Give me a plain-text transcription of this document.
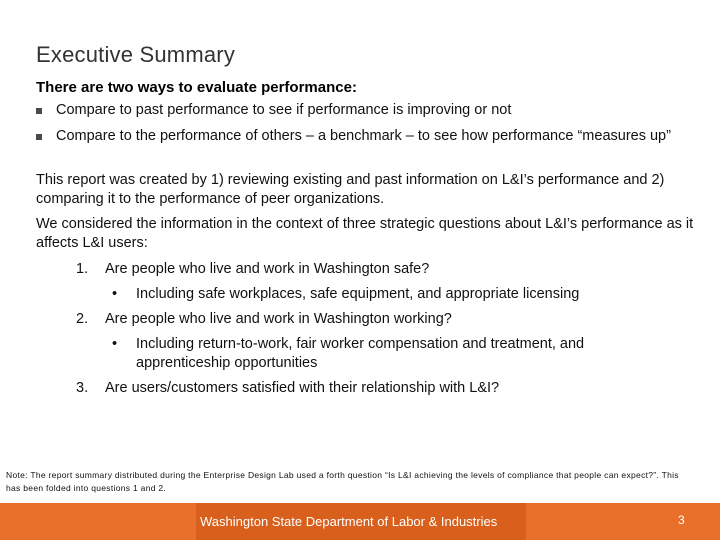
Executive Summary
There are two ways to evaluate performance:
Compare to past performance to see if performance is improving or not
Compare to the performance of others – a benchmark – to see how performance “measures up”
This report was created by 1) reviewing existing and past information on L&I’s performance and 2) comparing it to the performance of peer organizations.
We considered the information in the context of three strategic questions about L&I’s performance as it affects L&I users:
1.	Are people who live and work in Washington safe?
•	Including safe workplaces, safe equipment, and appropriate licensing
2.	Are people who live and work in Washington working?
•	Including return-to-work, fair worker compensation and treatment, and apprenticeship opportunities
3.	Are users/customers satisfied with their relationship with L&I?
Note: The report summary distributed during the Enterprise Design Lab used a forth question “Is L&I achieving the levels of compliance that people can expect?”. This has been folded into questions 1 and 2.
Washington State Department of Labor & Industries	3
